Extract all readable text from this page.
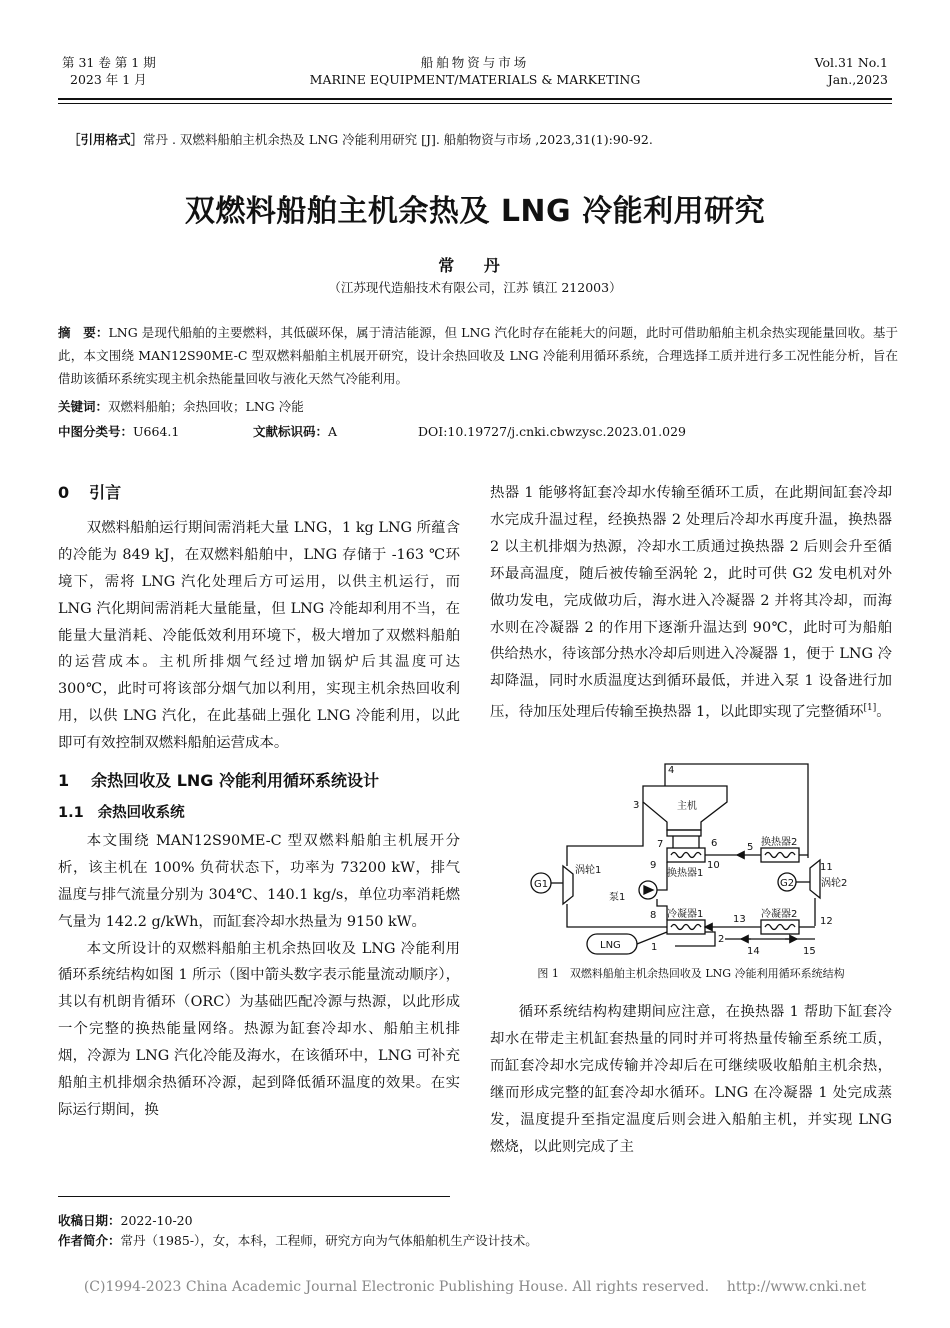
第 31 卷 第 1 期
2023 年 1 月
船舶物资与市场
MARINE EQUIPMENT/MATERIALS & MARKETING
Vol.31 No.1
Jan.,2023
［引用格式］常丹 . 双燃料船舶主机余热及 LNG 冷能利用研究 [J]. 船舶物资与市场 ,2023,31(1):90-92.
双燃料船舶主机余热及 LNG 冷能利用研究
常 丹
（江苏现代造船技术有限公司，江苏 镇江 212003）
摘　要：LNG 是现代船舶的主要燃料，其低碳环保，属于清洁能源，但 LNG 汽化时存在能耗大的问题，此时可借助船舶主机余热实现能量回收。基于此，本文围绕 MAN12S90ME-C 型双燃料船舶主机展开研究，设计余热回收及 LNG 冷能利用循环系统，合理选择工质并进行多工况性能分析，旨在借助该循环系统实现主机余热能量回收与液化天然气冷能利用。
关键词：双燃料船舶；余热回收；LNG 冷能
中图分类号：U664.1	文献标识码：A	DOI:10.19727/j.cnki.cbwzysc.2023.01.029
0 引言

双燃料船舶运行期间需消耗大量 LNG，1 kg LNG 所蕴含的冷能为 849 kJ，在双燃料船舶中，LNG 存储于 -163 ℃环境下，需将 LNG 汽化处理后方可运用，以供主机运行，而 LNG 汽化期间需消耗大量能量，但 LNG 冷能却利用不当，在能量大量消耗、冷能低效利用环境下，极大增加了双燃料船舶的运营成本。主机所排烟气经过增加锅炉后其温度可达 300℃，此时可将该部分烟气加以利用，实现主机余热回收利用，以供 LNG 汽化，在此基础上强化 LNG 冷能利用，以此即可有效控制双燃料船舶运营成本。

1 余热回收及 LNG 冷能利用循环系统设计
1.1 余热回收系统

本文围绕 MAN12S90ME-C 型双燃料船舶主机展开分析，该主机在 100% 负荷状态下，功率为 73200 kW，排气温度与排气流量分别为 304℃、140.1 kg/s，单位功率消耗燃气量为 142.2 g/kWh，而缸套冷却水热量为 9150 kW。

本文所设计的双燃料船舶主机余热回收及 LNG 冷能利用循环系统结构如图 1 所示（图中箭头数字表示能量流动顺序），其以有机朗肯循环（ORC）为基础匹配冷源与热源，以此形成一个完整的换热能量网络。热源为缸套冷却水、船舶主机排烟，冷源为 LNG 汽化冷能及海水，在该循环中，LNG 可补充船舶主机排烟余热循环冷源，起到降低循环温度的效果。在实际运行期间，换

热器 1 能够将缸套冷却水传输至循环工质，在此期间缸套冷却水完成升温过程，经换热器 2 处理后冷却水再度升温，换热器 2 以主机排烟为热源，冷却水工质通过换热器 2 后则会升至循环最高温度，随后被传输至涡轮 2，此时可供 G2 发电机对外做功发电，完成做功后，海水进入冷凝器 2 并将其冷却，而海水则在冷凝器 2 的作用下逐渐升温达到 90℃，此时可为船舶供给热水，待该部分热水冷却后则进入冷凝器 1，便于 LNG 冷却降温，同时水质温度达到循环最低，并进入泵 1 设备进行加压，待加压处理后传输至换热器 1，以此即实现了完整循环[1]。

主机
换热器1
换热器2
冷凝器1	冷凝器2
涡轮1
涡轮2
泵1
G1	G2
LNG	1
2
3
4
5
6
7
8
9	10	11
12
13
14	15
图 1　双燃料船舶主机余热回收及 LNG 冷能利用循环系统结构

循环系统结构构建期间应注意，在换热器 1 帮助下缸套冷却水在带走主机缸套热量的同时并可将热量传输至系统工质，而缸套冷却水完成传输并冷却后在可继续吸收船舶主机余热，继而形成完整的缸套冷却水循环。LNG 在冷凝器 1 处完成蒸发，温度提升至指定温度后则会进入船舶主机，并实现 LNG 燃烧，以此则完成了主

收稿日期：2022-10-20
作者简介：常丹（1985-），女，本科，工程师，研究方向为气体船舶机生产设计技术。
(C)1994-2023 China Academic Journal Electronic Publishing House. All rights reserved.    http://www.cnki.net
